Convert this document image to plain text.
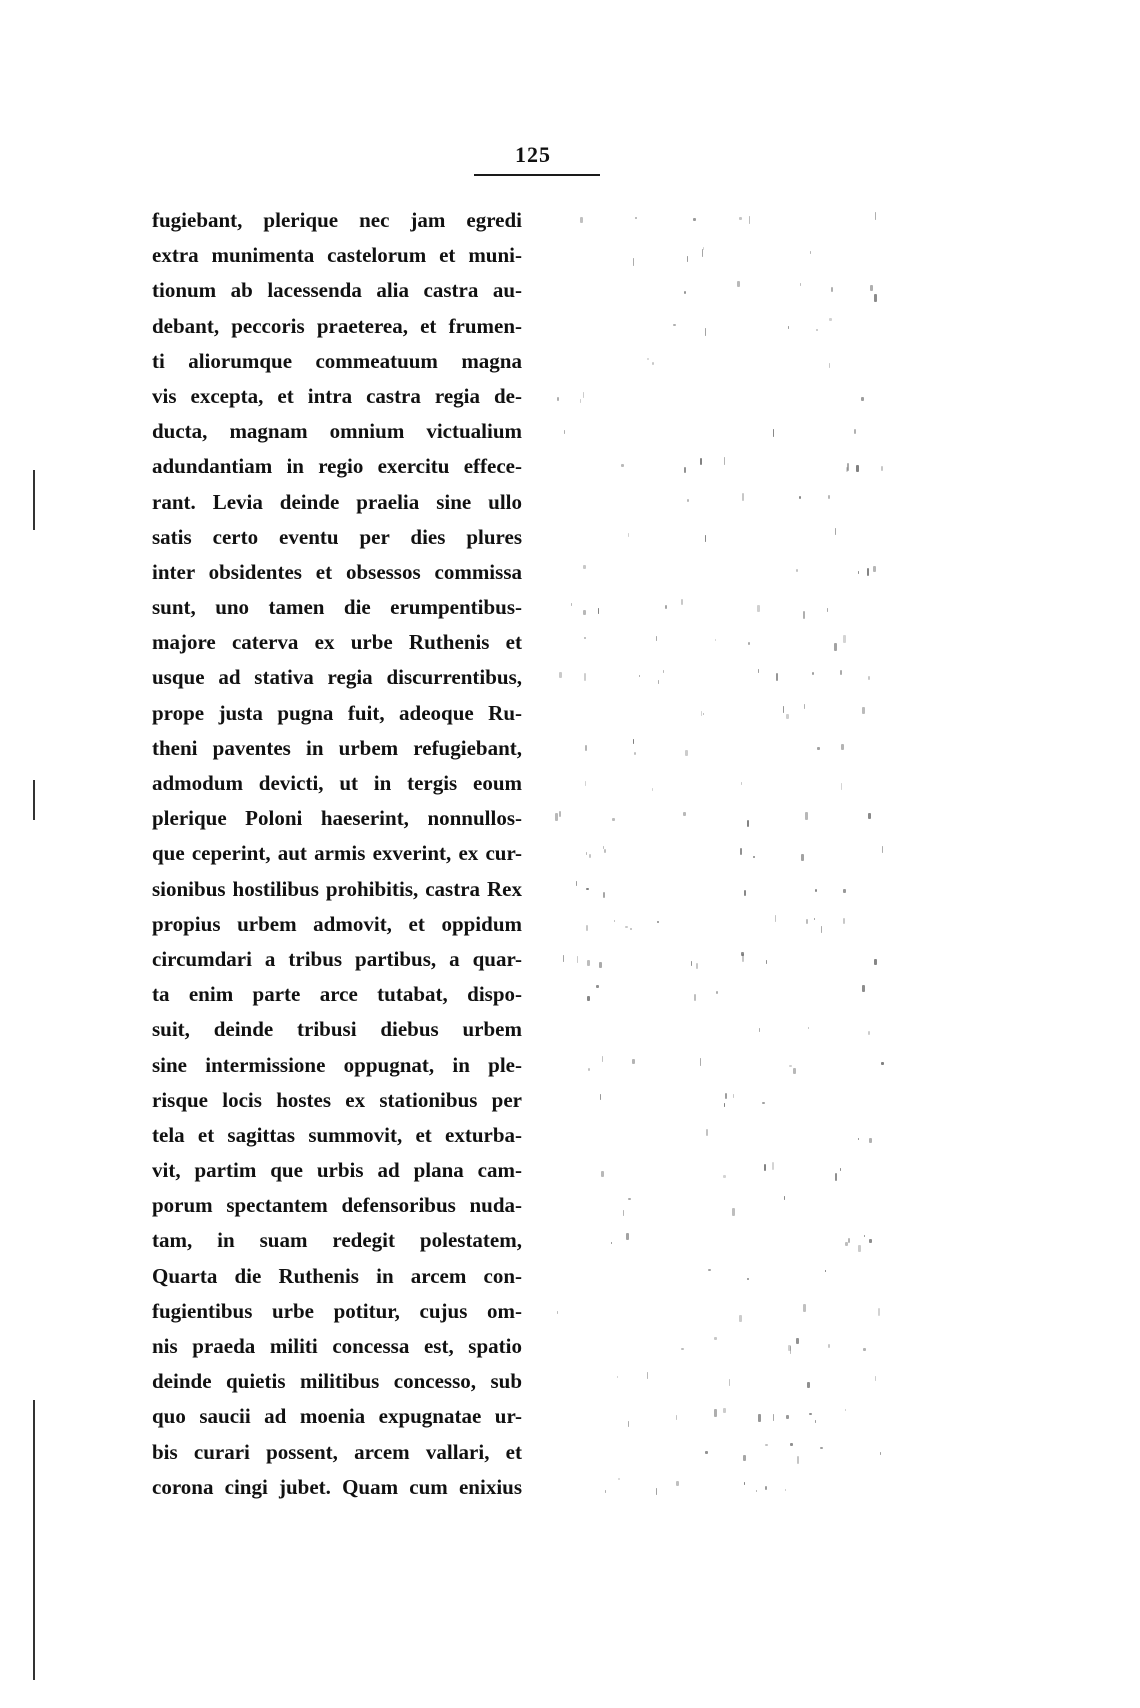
125
fugiebant, plerique nec jam egredi
extra munimenta castelorum et muni-
tionum ab lacessenda alia castra au-
debant, peccoris praeterea, et frumen-
ti aliorumque commeatuum magna
vis excepta, et intra castra regia de-
ducta, magnam omnium victualium
adundantiam in regio exercitu effece-
rant. Levia deinde praelia sine ullo
satis certo eventu per dies plures
inter obsidentes et obsessos commissa
sunt, uno tamen die erumpentibus-
majore caterva ex urbe Ruthenis et
usque ad stativa regia discurrentibus,
prope justa pugna fuit, adeoque Ru-
theni paventes in urbem refugiebant,
admodum devicti, ut in tergis eoum
plerique Poloni haeserint, nonnullos-
que ceperint, aut armis exverint, ex cur-
sionibus hostilibus prohibitis, castra Rex
propius urbem admovit, et oppidum
circumdari a tribus partibus, a quar-
ta enim parte arce tutabat, dispo-
suit, deinde tribusi diebus urbem
sine intermissione oppugnat, in ple-
risque locis hostes ex stationibus per
tela et sagittas summovit, et exturba-
vit, partim que urbis ad plana cam-
porum spectantem defensoribus nuda-
tam, in suam redegit polestatem,
Quarta die Ruthenis in arcem con-
fugientibus urbe potitur, cujus om-
nis praeda militi concessa est, spatio
deinde quietis militibus concesso, sub
quo saucii ad moenia expugnatae ur-
bis curari possent, arcem vallari, et
corona cingi jubet. Quam cum enixius
